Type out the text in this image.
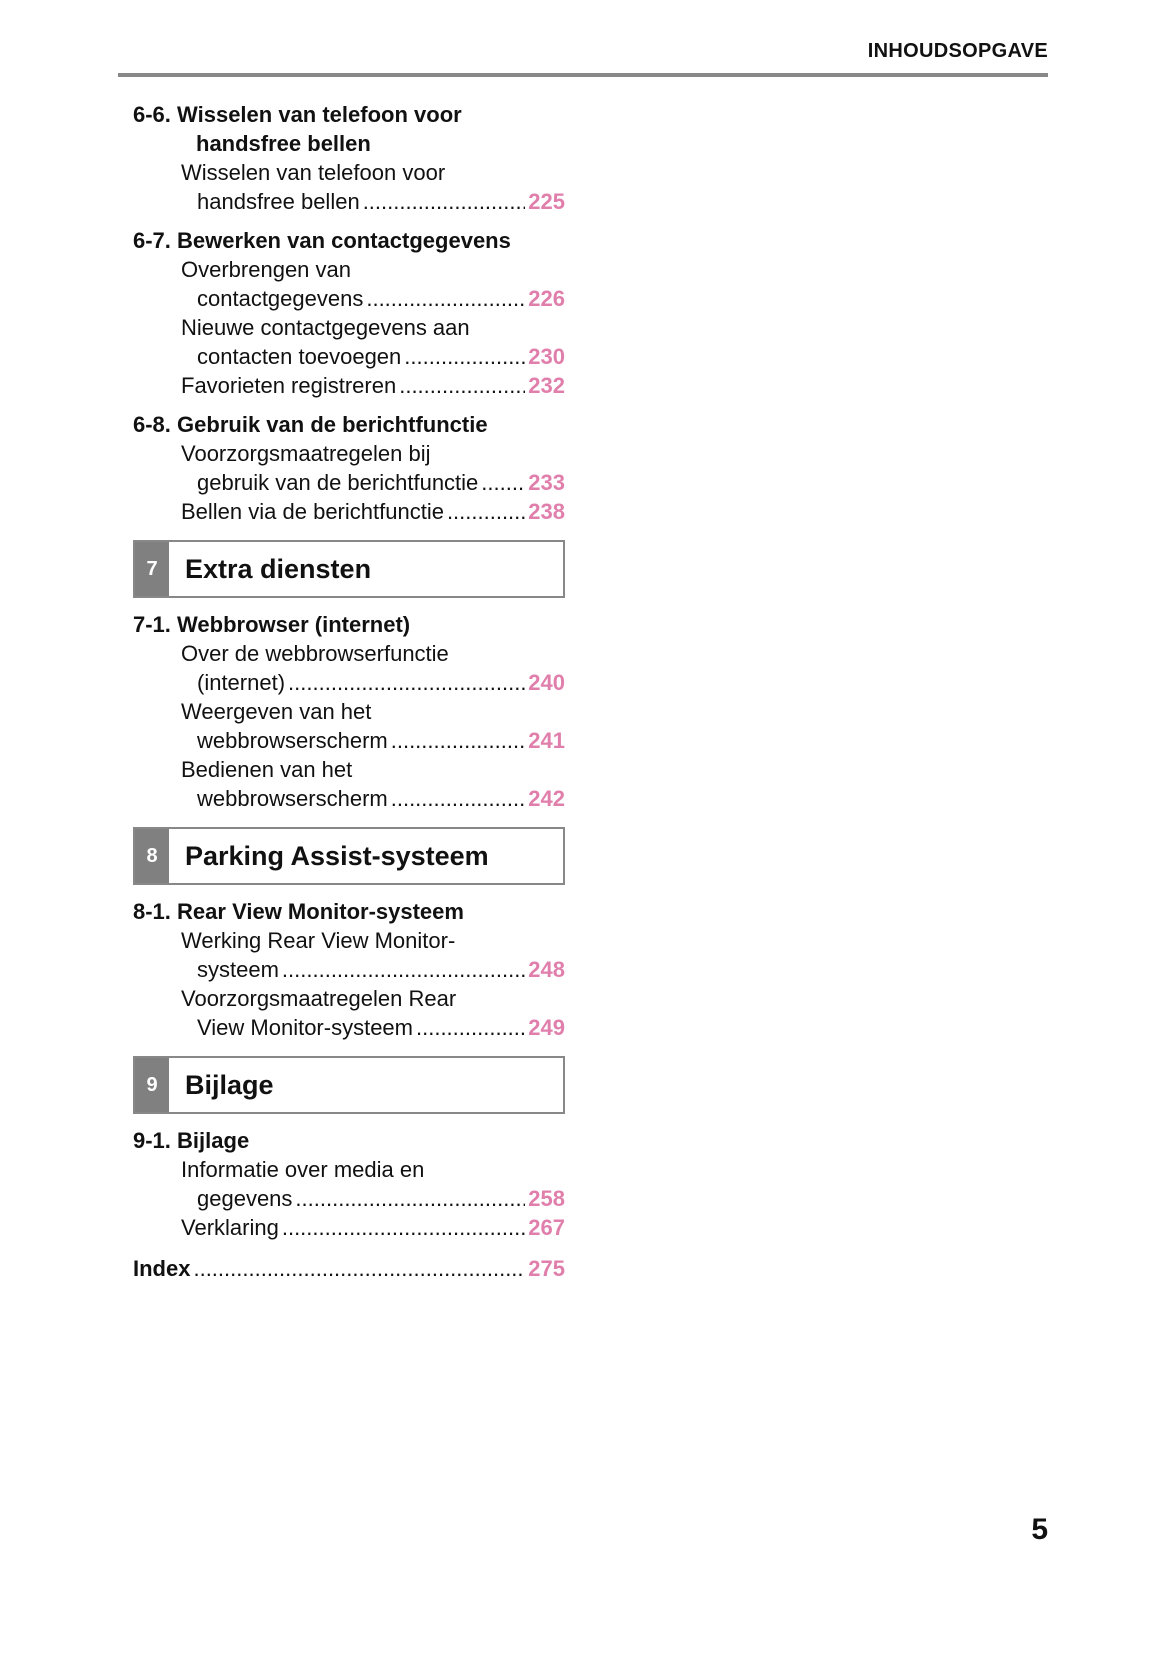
INHOUDSOPGAVE
6-6. Wisselen van telefoon voor
handsfree bellen
Wisselen van telefoon voor
handsfree bellen .....	225
6-7. Bewerken van contactgegevens
Overbrengen van
contactgegevens .....	226
Nieuwe contactgegevens aan
contacten toevoegen .....	230
Favorieten registreren .....	232
6-8. Gebruik van de berichtfunctie
Voorzorgsmaatregelen bij
gebruik van de berichtfunctie ..... 233
Bellen via de berichtfunctie .....	238
7	Extra diensten
7-1. Webbrowser (internet)
Over de webbrowserfunctie
(internet) .....	240
Weergeven van het
webbrowserscherm .....	241
Bedienen van het
webbrowserscherm .....	242
8	Parking Assist-systeem
8-1. Rear View Monitor-systeem
Werking Rear View Monitor-
systeem .....	248
Voorzorgsmaatregelen Rear
View Monitor-systeem .....	249
9	Bijlage
9-1. Bijlage
Informatie over media en
gegevens .....	258
Verklaring .....	267
Index .....	275
5
